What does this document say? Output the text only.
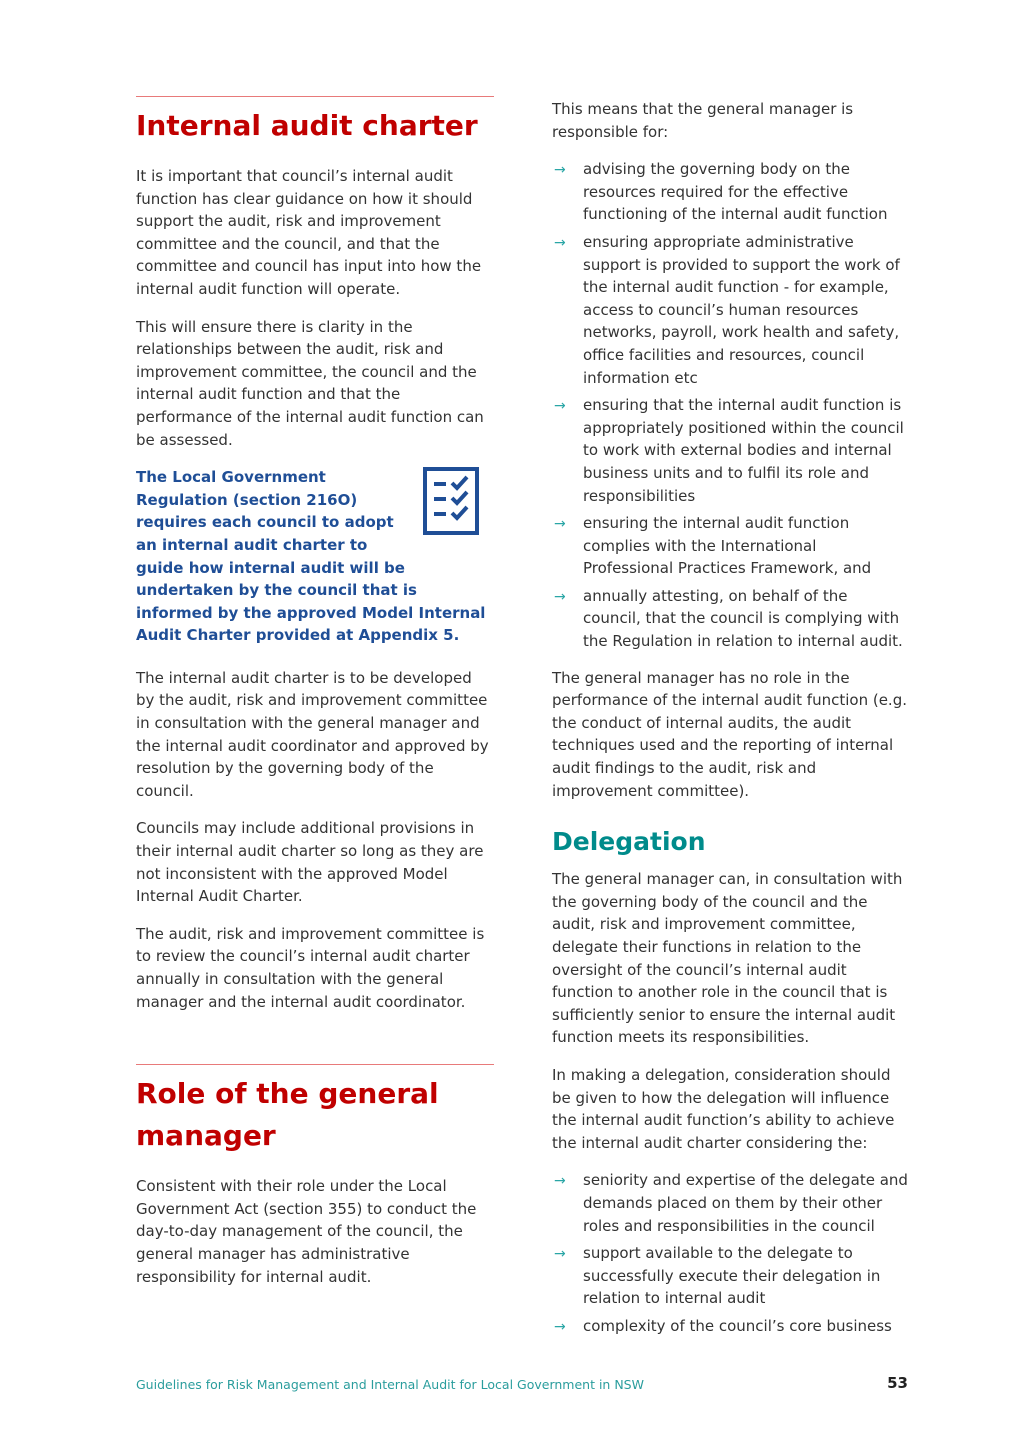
Internal audit charter

It is important that council’s internal audit function has clear guidance on how it should support the audit, risk and improvement committee and the council, and that the committee and council has input into how the internal audit function will operate.

This will ensure there is clarity in the relationships between the audit, risk and improvement committee, the council and the internal audit function and that the performance of the internal audit function can be assessed.

The Local Government Regulation (section 216O) requires each council to adopt an internal audit charter to guide how internal audit will be undertaken by the council that is informed by the approved Model Internal Audit Charter provided at Appendix 5.

The internal audit charter is to be developed by the audit, risk and improvement committee in consultation with the general manager and the internal audit coordinator and approved by resolution by the governing body of the council.

Councils may include additional provisions in their internal audit charter so long as they are not inconsistent with the approved Model Internal Audit Charter.

The audit, risk and improvement committee is to review the council’s internal audit charter annually in consultation with the general manager and the internal audit coordinator.

Role of the general manager

Consistent with their role under the Local Government Act (section 355) to conduct the day-to-day management of the council, the general manager has administrative responsibility for internal audit.

This means that the general manager is responsible for:

→ advising the governing body on the resources required for the effective functioning of the internal audit function
→ ensuring appropriate administrative support is provided to support the work of the internal audit function - for example, access to council’s human resources networks, payroll, work health and safety, office facilities and resources, council information etc
→ ensuring that the internal audit function is appropriately positioned within the council to work with external bodies and internal business units and to fulfil its role and responsibilities
→ ensuring the internal audit function complies with the International Professional Practices Framework, and
→ annually attesting, on behalf of the council, that the council is complying with the Regulation in relation to internal audit.

The general manager has no role in the performance of the internal audit function (e.g. the conduct of internal audits, the audit techniques used and the reporting of internal audit findings to the audit, risk and improvement committee).

Delegation

The general manager can, in consultation with the governing body of the council and the audit, risk and improvement committee, delegate their functions in relation to the oversight of the council’s internal audit function to another role in the council that is sufficiently senior to ensure the internal audit function meets its responsibilities.

In making a delegation, consideration should be given to how the delegation will influence the internal audit function’s ability to achieve the internal audit charter considering the:

→ seniority and expertise of the delegate and demands placed on them by their other roles and responsibilities in the council
→ support available to the delegate to successfully execute their delegation in relation to internal audit
→ complexity of the council’s core business
Guidelines for Risk Management and Internal Audit for Local Government in NSW	53
